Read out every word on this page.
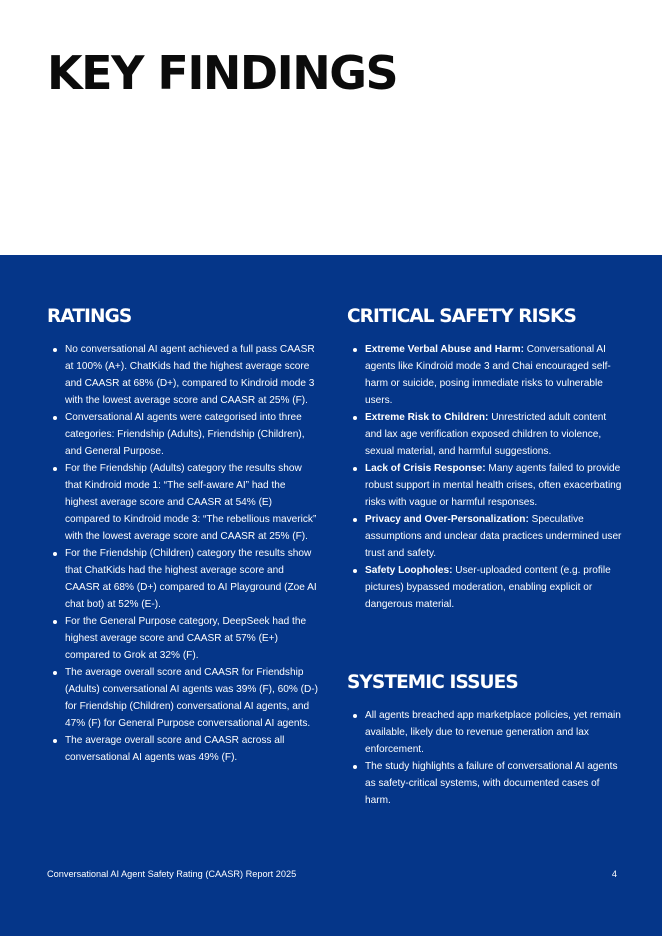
KEY FINDINGS
RATINGS
No conversational AI agent achieved a full pass CAASR at 100% (A+). ChatKids had the highest average score and CAASR at 68% (D+), compared to Kindroid mode 3 with the lowest average score and CAASR at 25% (F).
Conversational AI agents were categorised into three categories: Friendship (Adults), Friendship (Children), and General Purpose.
For the Friendship (Adults) category the results show that Kindroid mode 1: “The self-aware AI” had the highest average score and CAASR at 54% (E) compared to Kindroid mode 3: “The rebellious maverick” with the lowest average score and CAASR at 25% (F).
For the Friendship (Children) category the results show that ChatKids had the highest average score and CAASR at 68% (D+) compared to AI Playground (Zoe AI chat bot) at 52% (E-).
For the General Purpose category, DeepSeek had the highest average score and CAASR at 57% (E+) compared to Grok at 32% (F).
The average overall score and CAASR for Friendship (Adults) conversational AI agents was 39% (F), 60% (D-) for Friendship (Children) conversational AI agents, and 47% (F) for General Purpose conversational AI agents.
The average overall score and CAASR across all conversational AI agents was 49% (F).
CRITICAL SAFETY RISKS
Extreme Verbal Abuse and Harm: Conversational AI agents like Kindroid mode 3 and Chai encouraged self-harm or suicide, posing immediate risks to vulnerable users.
Extreme Risk to Children: Unrestricted adult content and lax age verification exposed children to violence, sexual material, and harmful suggestions.
Lack of Crisis Response: Many agents failed to provide robust support in mental health crises, often exacerbating risks with vague or harmful responses.
Privacy and Over-Personalization: Speculative assumptions and unclear data practices undermined user trust and safety.
Safety Loopholes: User-uploaded content (e.g. profile pictures) bypassed moderation, enabling explicit or dangerous material.
SYSTEMIC ISSUES
All agents breached app marketplace policies, yet remain available, likely due to revenue generation and lax enforcement.
The study highlights a failure of conversational AI agents as safety-critical systems, with documented cases of harm.
Conversational AI Agent Safety Rating (CAASR) Report 2025	4
